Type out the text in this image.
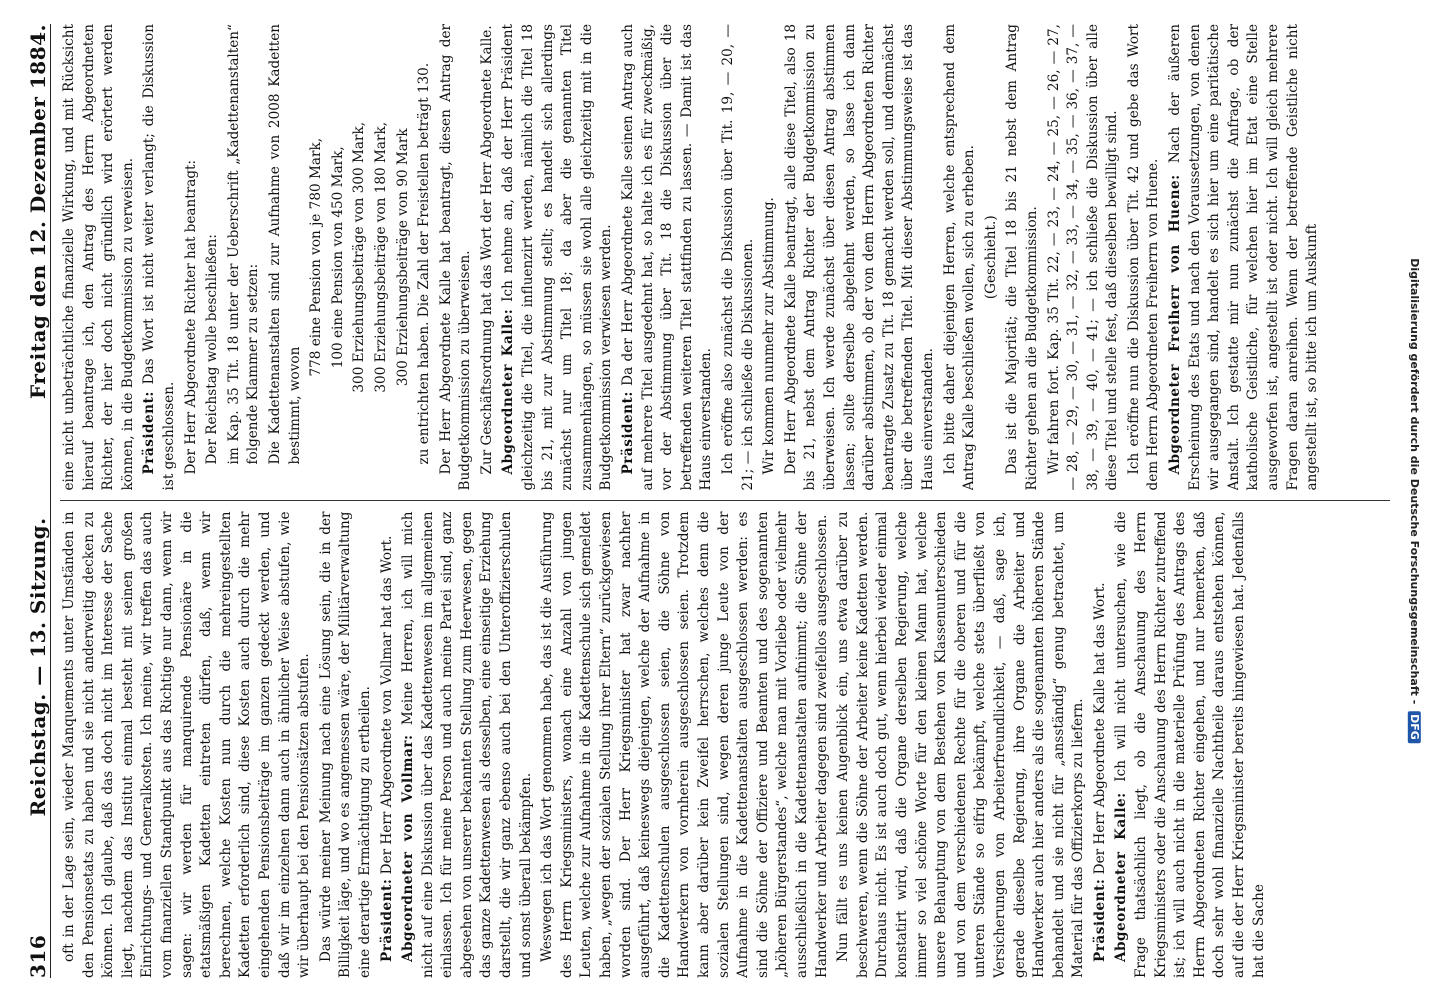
316
Reichstag. — 13. Sitzung.
Freitag den 12. Dezember 1884.

oft in der Lage sein, wieder Manquements unter Umständen in den Pensionsetats zu haben und sie nicht anderweitig decken zu können. Ich glaube, daß das doch nicht im Interesse der Sache liegt, nachdem das Institut einmal besteht mit seinen großen Einrichtungs- und Generalkosten. Ich meine, wir treffen das auch vom finanziellen Standpunkt aus das Richtige nur dann, wenn wir sagen: wir werden für manquirende Pensionäre in die etatsmäßigen Kadetten eintreten dürfen, daß, wenn wir berechnen, welche Kosten nun durch die mehreingestellten Kadetten erforderlich sind, diese Kosten auch durch die mehr eingehenden Pensionsbeiträge im ganzen gedeckt werden, und daß wir im einzelnen dann auch in ähnlicher Weise abstufen, wie wir überhaupt bei den Pensionsätzen abstufen. Das würde meiner Meinung nach eine Lösung sein, die in der Billigkeit läge, und wo es angemessen wäre, der Militärverwaltung eine derartige Ermächtigung zu ertheilen. Präsident: Der Herr Abgeordnete von Vollmar hat das Wort. Abgeordneter von Vollmar: Meine Herren, ich will mich nicht auf eine Diskussion über das Kadettenwesen im allgemeinen einlassen. Ich für meine Person und auch meine Partei sind, ganz abgesehen von unserer bekannten Stellung zum Heerwesen, gegen das ganze Kadettenwesen als desselben, eine einseitige Erziehung darstellt, die wir ganz ebenso auch bei den Unteroffizierschulen und sonst überall bekämpfen. Weswegen ich das Wort genommen habe, das ist die Ausführung des Herrn Kriegsministers, wonach eine Anzahl von jungen Leuten, welche zur Aufnahme in die Kadettenschule sich gemeldet haben, „wegen der sozialen Stellung ihrer Eltern“ zurückgewiesen worden sind. Der Herr Kriegsminister hat zwar nachher ausgeführt, daß keineswegs diejenigen, welche der Aufnahme in die Kadettenschulen ausgeschlossen seien, die Söhne von Handwerkern von vornherein ausgeschlossen seien. Trotzdem kann aber darüber kein Zweifel herrschen, welches denn die sozialen Stellungen sind, wegen deren junge Leute von der Aufnahme in die Kadettenanstalten ausgeschlossen werden: es sind die Söhne der Offiziere und Beamten und des sogenannten „höheren Bürgerstandes“, welche man mit Vorliebe oder vielmehr ausschließlich in die Kadettenanstalten aufnimmt; die Söhne der Handwerker und Arbeiter dagegen sind zweifellos ausgeschlossen. Nun fällt es uns keinen Augenblick ein, uns etwa darüber zu beschweren, wenn die Söhne der Arbeiter keine Kadetten werden. Durchaus nicht. Es ist auch doch gut, wenn hierbei wieder einmal konstatirt wird, daß die Organe derselben Regierung, welche immer so viel schöne Worte für den kleinen Mann hat, welche unsere Behauptung von dem Bestehen von Klassenunterschieden und von dem verschiedenen Rechte für die oberen und für die unteren Stände so eifrig bekämpft, welche stets überfließt von Versicherungen von Arbeiterfreundlichkeit, — daß, sage ich, gerade dieselbe Regierung, ihre Organe die Arbeiter und Handwerker auch hier anders als die sogenannten höheren Stände behandelt und sie nicht für „ansständig“ genug betrachtet, um Material für das Offizierkorps zu liefern. Präsident: Der Herr Abgeordnete Kalle hat das Wort.

Abgeordneter Kalle: Ich will nicht untersuchen, wie die Frage thatsächlich liegt, ob die Anschauung des Herrn Kriegsministers oder die Anschauung des Herrn Richter zutreffend ist; ich will auch nicht in die materielle Prüfung des Antrags des Herrn Abgeordneten Richter eingehen, und nur bemerken, daß doch sehr wohl finanzielle Nachtheile daraus entstehen können, auf die der Herr Kriegsminister bereits hingewiesen hat. Jedenfalls hat die Sache

eine nicht unbeträchtliche finanzielle Wirkung, und mit Rücksicht hierauf beantrage ich, den Antrag des Herrn Abgeordneten Richter, der hier doch nicht gründlich wird erörtert werden können, in die Budgetkommission zu verweisen. Präsident: Das Wort ist nicht weiter verlangt; die Diskussion ist geschlossen. Der Herr Abgeordnete Richter hat beantragt: Der Reichstag wolle beschließen: im Kap. 35 Tit. 18 unter der Ueberschrift „Kadettenanstalten“ folgende Klammer zu setzen: Die Kadettenanstalten sind zur Aufnahme von 2008 Kadetten bestimmt, wovon

778 eine Pension von je 780 Mark, 100 eine Pension von 450 Mark, 300 Erziehungsbeiträge von 300 Mark, 300 Erziehungsbeiträge von 180 Mark, 300 Erziehungsbeiträge von 90 Mark zu entrichten haben. Die Zahl der Freistellen beträgt 130. Der Herr Abgeordnete Kalle hat beantragt, diesen Antrag der Budgetkommission zu überweisen. Zur Geschäftsordnung hat das Wort der Herr Abgeordnete Kalle. Abgeordneter Kalle: Ich nehme an, daß der Herr Präsident gleichzeitig die Titel, die influenzirt werden, nämlich die Titel 18 bis 21, mit zur Abstimmung stellt; es handelt sich allerdings zunächst nur um Titel 18; da aber die genannten Titel zusammenhängen, so müssen sie wohl alle gleichzeitig mit in die Budgetkommission verwiesen werden. Präsident: Da der Herr Abgeordnete Kalle seinen Antrag auch auf mehrere Titel ausgedehnt hat, so halte ich es für zweckmäßig, vor der Abstimmung über Tit. 18 die Diskussion über die betreffenden weiteren Titel stattfinden zu lassen. — Damit ist das Haus einverstanden. Ich eröffne also zunächst die Diskussion über Tit. 19, — 20, — 21; — ich schließe die Diskussionen. Wir kommen nunmehr zur Abstimmung. Der Herr Abgeordnete Kalle beantragt, alle diese Titel, also 18 bis 21, nebst dem Antrag Richter der Budgetkommission zu überweisen. Ich werde zunächst über diesen Antrag abstimmen lassen; sollte derselbe abgelehnt werden, so lasse ich dann darüber abstimmen, ob der von dem Herrn Abgeordneten Richter beantragte Zusatz zu Tit. 18 gemacht werden soll, und demnächst über die betreffenden Titel. Mit dieser Abstimmungsweise ist das Haus einverstanden. Ich bitte daher diejenigen Herren, welche entsprechend dem Antrag Kalle beschließen wollen, sich zu erheben. (Geschieht.) Das ist die Majorität; die Titel 18 bis 21 nebst dem Antrag Richter gehen an die Budgetkommission. Wir fahren fort. Kap. 35 Tit. 22, — 23, — 24, — 25, — 26, — 27, — 28, — 29, — 30, — 31, — 32, — 33, — 34, — 35, — 36, — 37, — 38, — 39, — 40, — 41; — ich schließe die Diskussion über alle diese Titel und stelle fest, daß dieselben bewilligt sind. Ich eröffne nun die Diskussion über Tit. 42 und gebe das Wort dem Herrn Abgeordneten Freiherrn von Huene. Abgeordneter Freiherr von Huene: Nach der äußeren Erscheinung des Etats und nach den Voraussetzungen, von denen wir ausgegangen sind, handelt es sich hier um eine paritätische Anstalt. Ich gestatte mir nun zunächst die Anfrage, ob der katholische Geistliche, für welchen hier im Etat eine Stelle ausgeworfen ist, angestellt ist oder nicht. Ich will gleich mehrere Fragen daran anreihen. Wenn der betreffende Geistliche nicht angestellt ist, so bitte ich um Auskunft	Digitalisierung gefördert durch die Deutsche Forschungsgemeinschaft - DFG
